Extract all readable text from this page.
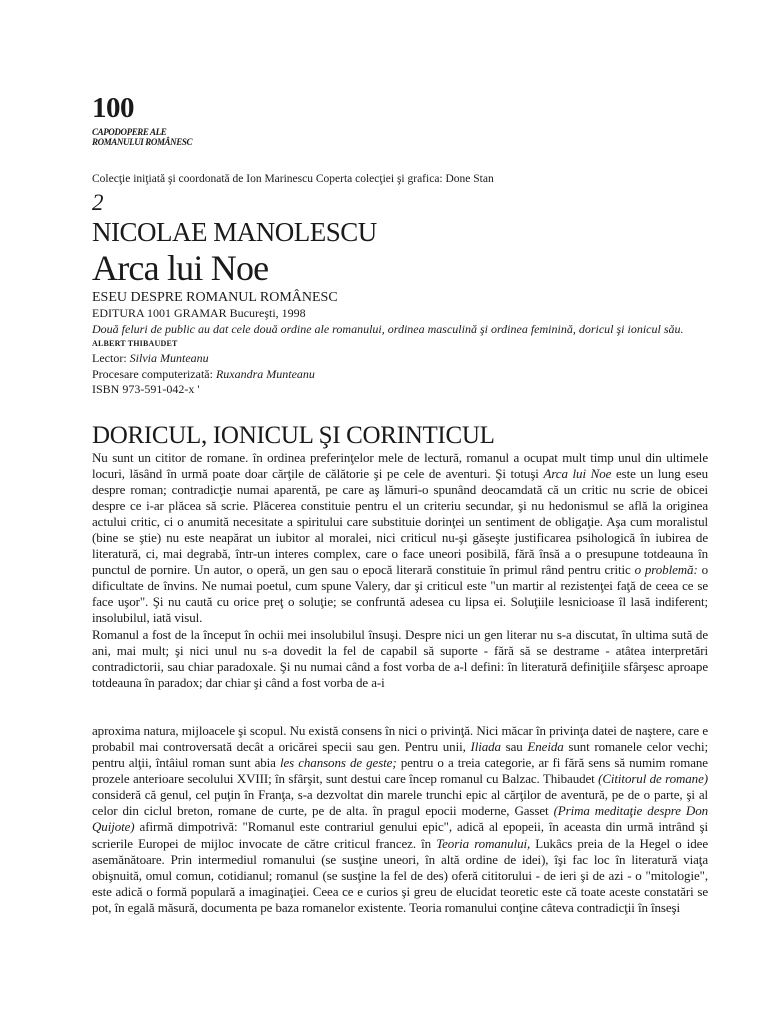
100
CAPODOPERE ALE
ROMANULUI ROMÂNESC
Colecţie iniţiată şi coordonată de Ion Marinescu Coperta colecţiei şi grafica: Done Stan
2
NICOLAE MANOLESCU
Arca lui Noe
ESEU DESPRE ROMANUL ROMÂNESC
EDITURA 1001 GRAMAR Bucureşti, 1998
Două feluri de public au dat cele două ordine ale romanului, ordinea masculină şi ordinea feminină, doricul şi ionicul său.
ALBERT THIBAUDET
Lector: Silvia Munteanu
Procesare computerizată: Ruxandra Munteanu
ISBN 973-591-042-x '
DORICUL, IONICUL ŞI CORINTICUL

Nu sunt un cititor de romane. în ordinea preferinţelor mele de lectură, romanul a ocupat mult timp unul din ultimele locuri, lăsând în urmă poate doar cărţile de călătorie şi pe cele de aventuri. Şi totuşi Arca lui Noe este un lung eseu despre roman; contradicţie numai aparentă, pe care aş lămuri-o spunând deocamdată că un critic nu scrie de obicei despre ce i-ar plăcea să scrie. Plăcerea constituie pentru el un criteriu secundar, şi nu hedonismul se află la originea actului critic, ci o anumită necesitate a spiritului care substituie dorinţei un sentiment de obligaţie. Aşa cum moralistul (bine se ştie) nu este neapărat un iubitor al moralei, nici criticul nu-şi găseşte justificarea psihologică în iubirea de literatură, ci, mai degrabă, într-un interes complex, care o face uneori posibilă, fără însă a o presupune totdeauna în punctul de pornire. Un autor, o operă, un gen sau o epocă literară constituie în primul rând pentru critic o problemă: o dificultate de învins. Ne numai poetul, cum spune Valery, dar şi criticul este "un martir al rezistenţei faţă de ceea ce se face uşor". Şi nu caută cu orice preţ o soluţie; se confruntă adesea cu lipsa ei. Soluţiile lesnicioase îl lasă indiferent; insolubilul, iată visul.

Romanul a fost de la început în ochii mei insolubilul însuşi. Despre nici un gen literar nu s-a discutat, în ultima sută de ani, mai mult; şi nici unul nu s-a dovedit la fel de capabil să suporte - fără să se destrame - atâtea interpretări contradictorii, sau chiar paradoxale. Şi nu numai când a fost vorba de a-l defini: în literatură definiţiile sfârşesc aproape totdeauna în paradox; dar chiar şi când a fost vorba de a-i

aproxima natura, mijloacele şi scopul. Nu există consens în nici o privinţă. Nici măcar în privinţa datei de naştere, care e probabil mai controversată decât a oricărei specii sau gen. Pentru unii, Iliada sau Eneida sunt romanele celor vechi; pentru alţii, întâiul roman sunt abia les chansons de geste; pentru o a treia categorie, ar fi fără sens să numim romane prozele anterioare secolului XVIII; în sfârşit, sunt destui care încep romanul cu Balzac. Thibaudet (Cititorul de romane) consideră că genul, cel puţin în Franţa, s-a dezvoltat din marele trunchi epic al cărţilor de aventură, pe de o parte, şi al celor din ciclul breton, romane de curte, pe de alta. în pragul epocii moderne, Gasset (Prima meditaţie despre Don Quijote) afirmă dimpotrivă: "Romanul este contrariul genului epic", adică al epopeii, în aceasta din urmă intrând şi scrierile Europei de mijloc invocate de către criticul francez. în Teoria romanului, Lukâcs preia de la Hegel o idee asemănătoare. Prin intermediul romanului (se susţine uneori, în altă ordine de idei), îşi fac loc în literatură viaţa obişnuită, omul comun, cotidianul; romanul (se susţine la fel de des) oferă cititorului - de ieri şi de azi - o "mitologie", este adică o formă populară a imaginaţiei. Ceea ce e curios şi greu de elucidat teoretic este că toate aceste constatări se pot, în egală măsură, documenta pe baza romanelor existente. Teoria romanului conţine câteva contradicţii în înseşi
